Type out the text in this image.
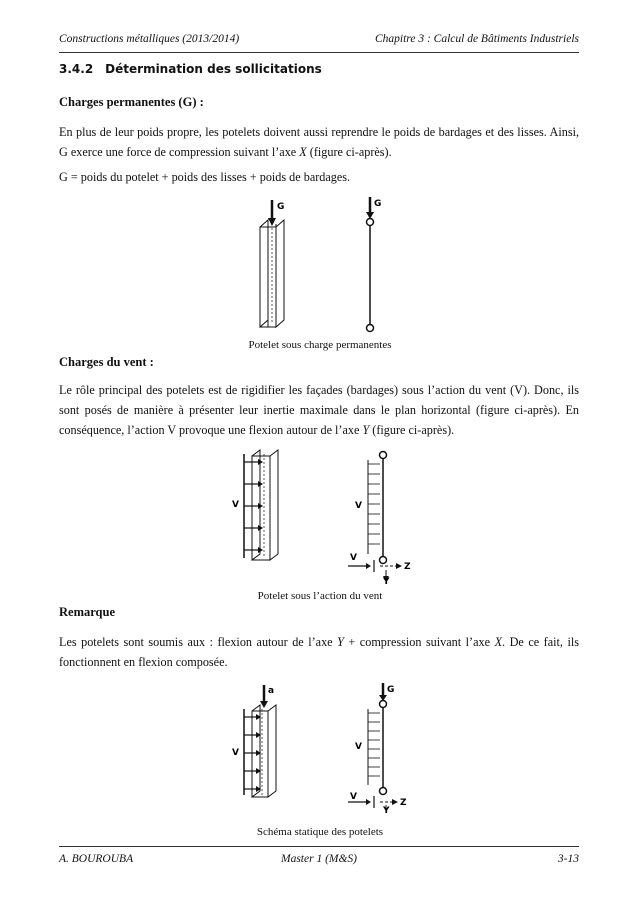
Constructions métalliques (2013/2014)	Chapitre 3 : Calcul de Bâtiments Industriels
3.4.2 Détermination des sollicitations
Charges permanentes (G) :
En plus de leur poids propre, les potelets doivent aussi reprendre le poids de bardages et des lisses. Ainsi, G exerce une force de compression suivant l’axe X (figure ci-après).
G = poids du potelet + poids des lisses + poids de bardages.
G	G
Potelet sous charge permanentes
Charges du vent :
Le rôle principal des potelets est de rigidifier les façades (bardages) sous l’action du vent (V). Donc, ils sont posés de manière à présenter leur inertie maximale dans le plan horizontal (figure ci-après). En conséquence, l’action V provoque une flexion autour de l’axe Y (figure ci-après).
V	V
V
Z
Y
Potelet sous l’action du vent
Remarque
Les potelets sont soumis aux : flexion autour de l’axe Y + compression suivant l’axe X. De ce fait, ils fonctionnent en flexion composée.
a
V
G
V
V
Z
Y
Schéma statique des potelets
A. BOUROUBA	Master 1 (M&S)	3-13
